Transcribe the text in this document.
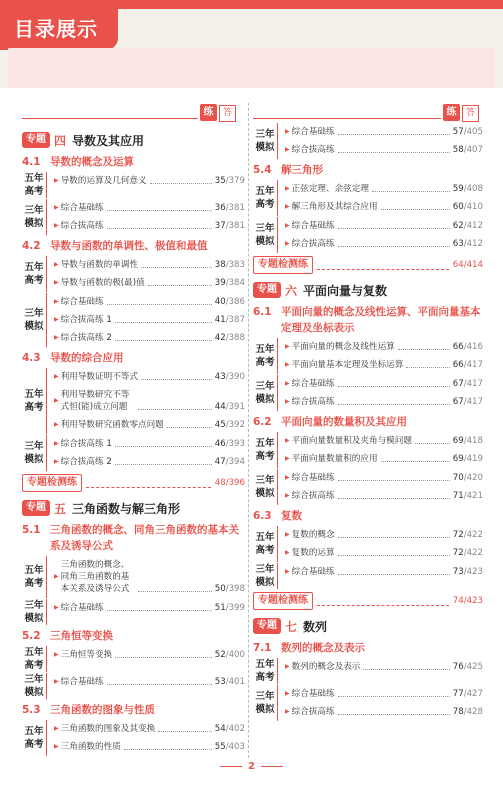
目录展示
练 答	练 答
专题 四 导数及其应用
4.1 导数的概念及运算
五年
高考
▶ 导数的运算及几何意义	35/379
三年
模拟
▶ 综合基础练	36/381
▶ 综合拔高练	37/381
4.2 导数与函数的单调性、极值和最值
五年
高考
▶ 导数与函数的单调性	38/383
▶ 导数与函数的极(最)值	39/384
三年
模拟
▶ 综合基础练	40/386
▶ 综合拔高练 1	41/387
▶ 综合拔高练 2	42/388
4.3 导数的综合应用
五年
高考
▶ 利用导数证明不等式	43/390
▶
利用导数研究不等式恒(能)成立问题	44/391
▶ 利用导数研究函数零点问题	45/392
三年
模拟
▶ 综合拔高练 1	46/393
▶ 综合拔高练 2	47/394
专题检测练	48/396
专题 五 三角函数与解三角形
5.1 三角函数的概念、同角三角函数的基本关系及诱导公式
五年
高考
▶
三角函数的概念、同角三角函数的基本关系及诱导公式	50/398
三年
模拟
▶ 综合基础练	51/399
5.2 三角恒等变换
五年
高考
▶ 三角恒等变换	52/400
三年
模拟
▶ 综合基础练	53/401
5.3 三角函数的图象与性质
五年
高考
▶ 三角函数的图象及其变换	54/402
▶ 三角函数的性质	55/403
三年
模拟
▶ 综合基础练	57/405
▶ 综合拔高练	58/407
5.4 解三角形
五年
高考
▶ 正弦定理、余弦定理	59/408
▶ 解三角形及其综合应用	60/410
三年
模拟
▶ 综合基础练	62/412
▶ 综合拔高练	63/412
专题检测练	64/414
专题 六 平面向量与复数
6.1 平面向量的概念及线性运算、平面向量基本定理及坐标表示
五年
高考
▶ 平面向量的概念及线性运算	66/416
▶ 平面向量基本定理及坐标运算	66/417
三年
模拟
▶ 综合基础练	67/417
▶ 综合拔高练	67/417
6.2 平面向量的数量积及其应用
五年
高考
▶ 平面向量数量积及夹角与模问题	69/418
▶ 平面向量数量积的应用	69/419
三年
模拟
▶ 综合基础练	70/420
▶ 综合拔高练	71/421
6.3 复数
五年
高考
▶ 复数的概念	72/422
▶ 复数的运算	72/422
三年
模拟
▶ 综合基础练	73/423
专题检测练	74/423
专题 七 数列
7.1 数列的概念及表示
五年
高考
▶ 数列的概念及表示	76/425
三年
模拟
▶ 综合基础练	77/427
▶ 综合拔高练	78/428
2
